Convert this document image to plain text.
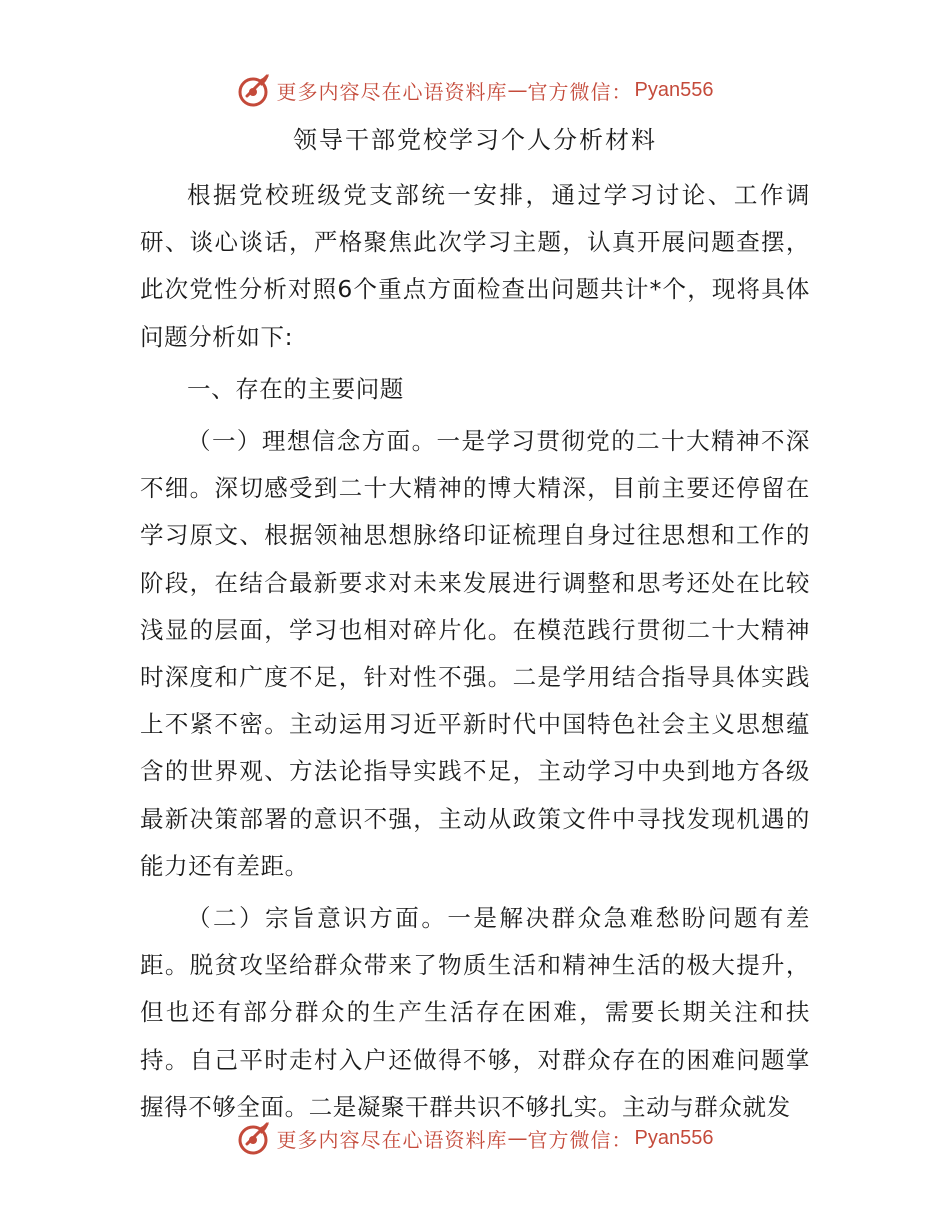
更多内容尽在心语资料库 — 官方微信： Pyan556
领导干部党校学习个人分析材料

根据党校班级党支部统一安排，通过学习讨论、工作调研、谈心谈话，严格聚焦此次学习主题，认真开展问题查摆，此次党性分析对照6个重点方面检查出问题共计*个，现将具体问题分析如下:

一、存在的主要问题

（一）理想信念方面。一是学习贯彻党的二十大精神不深不细。深切感受到二十大精神的博大精深，目前主要还停留在学习原文、根据领袖思想脉络印证梳理自身过往思想和工作的阶段，在结合最新要求对未来发展进行调整和思考还处在比较浅显的层面，学习也相对碎片化。在模范践行贯彻二十大精神时深度和广度不足，针对性不强。二是学用结合指导具体实践上不紧不密。主动运用习近平新时代中国特色社会主义思想蕴含的世界观、方法论指导实践不足，主动学习中央到地方各级最新决策部署的意识不强，主动从政策文件中寻找发现机遇的能力还有差距。

（二）宗旨意识方面。一是解决群众急难愁盼问题有差距。脱贫攻坚给群众带来了物质生活和精神生活的极大提升，但也还有部分群众的生产生活存在困难，需要长期关注和扶持。自己平时走村入户还做得不够，对群众存在的困难问题掌握得不够全面。二是凝聚干群共识不够扎实。主动与群众就发

更多内容尽在心语资料库 — 官方微信： Pyan556
